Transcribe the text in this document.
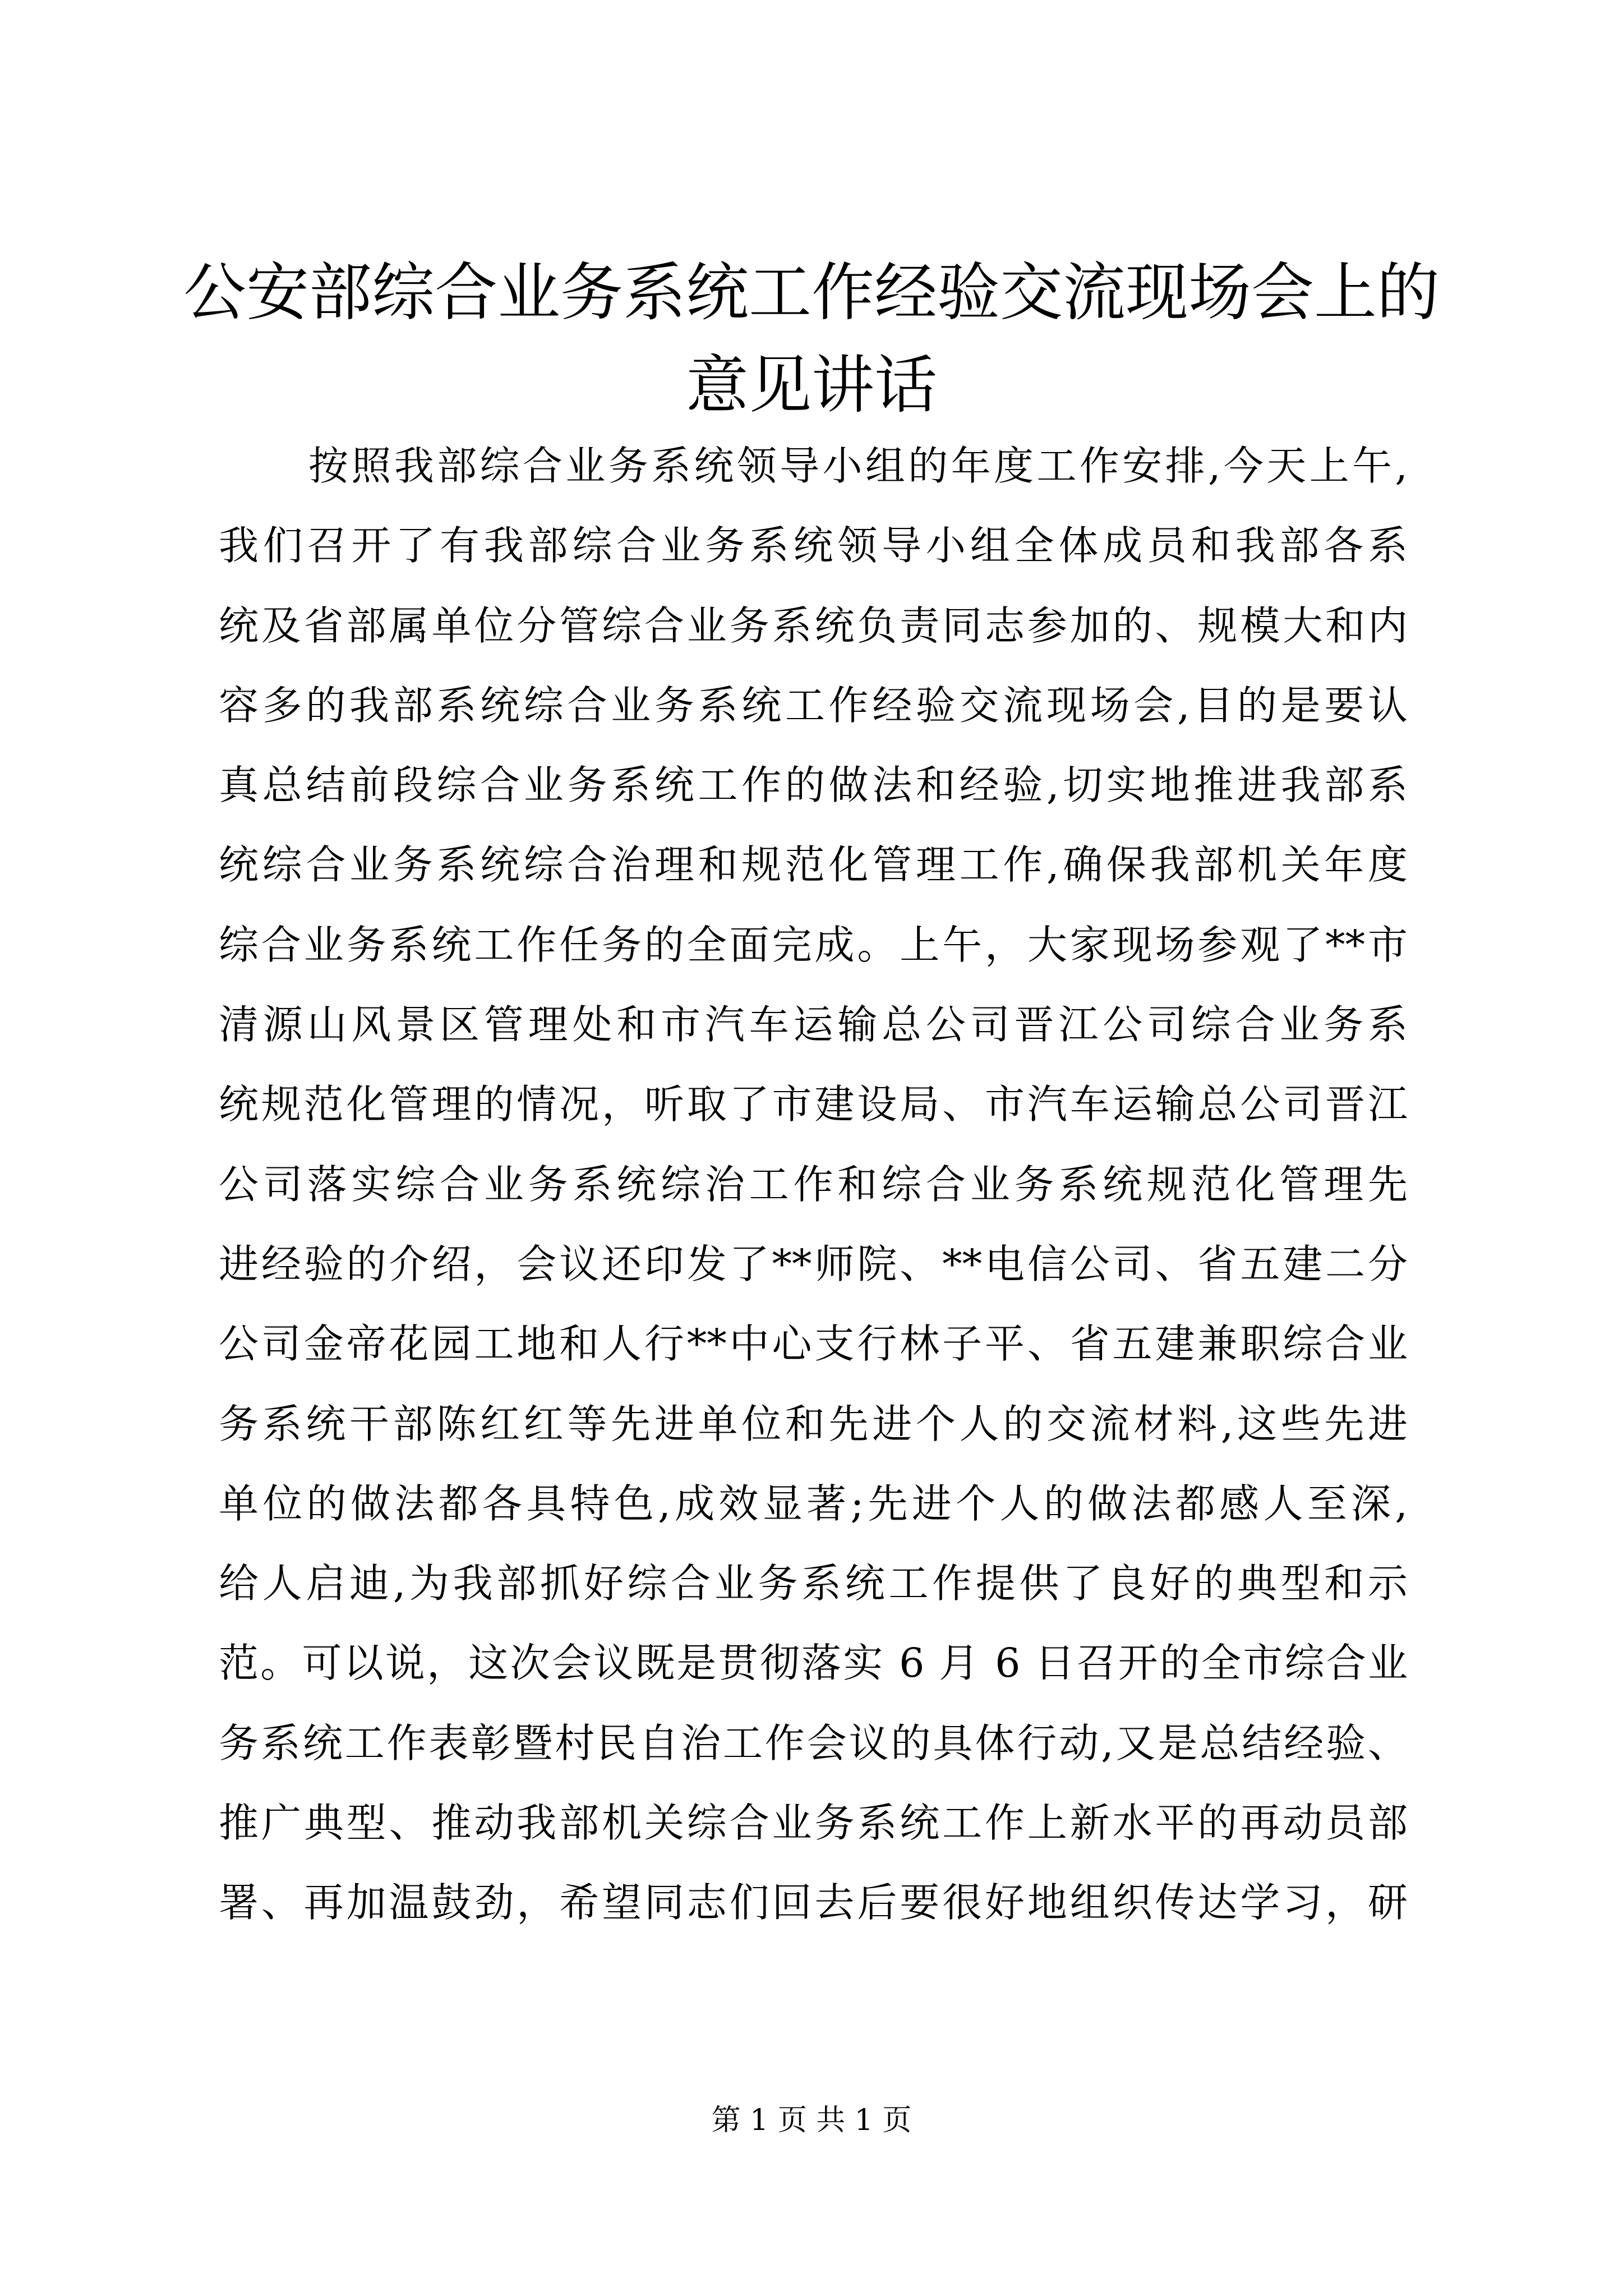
公安部综合业务系统工作经验交流现场会上的
意见讲话
按照我部综合业务系统领导小组的年度工作安排,今天上午,
我们召开了有我部综合业务系统领导小组全体成员和我部各系
统及省部属单位分管综合业务系统负责同志参加的、规模大和内
容多的我部系统综合业务系统工作经验交流现场会,目的是要认
真总结前段综合业务系统工作的做法和经验,切实地推进我部系
统综合业务系统综合治理和规范化管理工作,确保我部机关年度
综合业务系统工作任务的全面完成。上午，大家现场参观了**市
清源山风景区管理处和市汽车运输总公司晋江公司综合业务系
统规范化管理的情况，听取了市建设局、市汽车运输总公司晋江
公司落实综合业务系统综治工作和综合业务系统规范化管理先
进经验的介绍，会议还印发了**师院、**电信公司、省五建二分
公司金帝花园工地和人行**中心支行林子平、省五建兼职综合业
务系统干部陈红红等先进单位和先进个人的交流材料,这些先进
单位的做法都各具特色,成效显著;先进个人的做法都感人至深,
给人启迪,为我部抓好综合业务系统工作提供了良好的典型和示
范。可以说，这次会议既是贯彻落实 6 月 6 日召开的全市综合业
务系统工作表彰暨村民自治工作会议的具体行动,又是总结经验、
推广典型、推动我部机关综合业务系统工作上新水平的再动员部
署、再加温鼓劲，希望同志们回去后要很好地组织传达学习，研
第 1 页 共 1 页
